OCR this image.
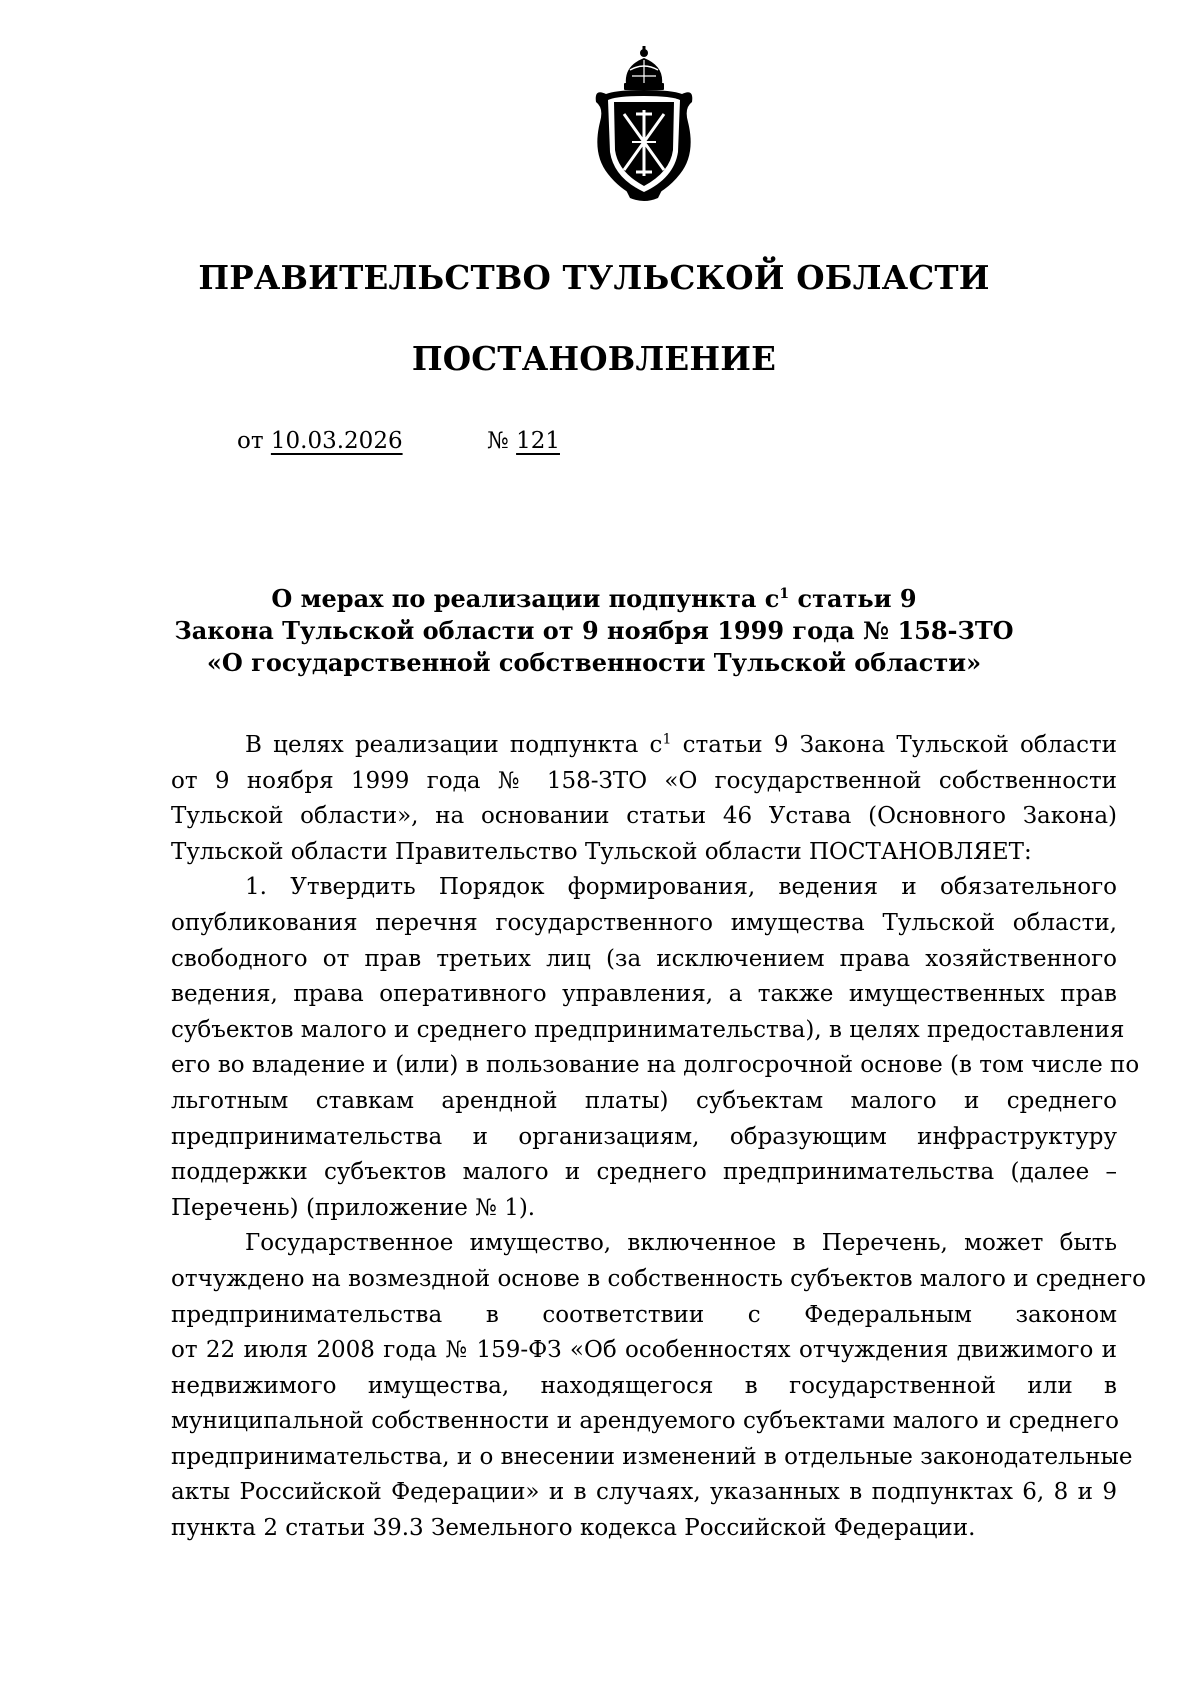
ПРАВИТЕЛЬСТВО ТУЛЬСКОЙ ОБЛАСТИ
ПОСТАНОВЛЕНИЕ
от 10.03.2026	№ 121
О мерах по реализации подпункта $с^1$ статьи 9
Закона Тульской области от 9 ноября 1999 года № 158-ЗТО
«О государственной собственности Тульской области»
В целях реализации подпункта $с^1$ статьи 9 Закона Тульской области
от 9 ноября 1999 года № 158-ЗТО «О государственной собственности
Тульской области», на основании статьи 46 Устава (Основного Закона)
Тульской области Правительство Тульской области ПОСТАНОВЛЯЕТ:
1. Утвердить Порядок формирования, ведения и обязательного
опубликования перечня государственного имущества Тульской области,
свободного от прав третьих лиц (за исключением права хозяйственного
ведения, права оперативного управления, а также имущественных прав
субъектов малого и среднего предпринимательства), в целях предоставления
его во владение и (или) в пользование на долгосрочной основе (в том числе по
льготным ставкам арендной платы) субъектам малого и среднего
предпринимательства и организациям, образующим инфраструктуру
поддержки субъектов малого и среднего предпринимательства (далее –
Перечень) (приложение № 1).
Государственное имущество, включенное в Перечень, может быть
отчуждено на возмездной основе в собственность субъектов малого и среднего
предпринимательства в соответствии с Федеральным законом
от 22 июля 2008 года № 159-ФЗ «Об особенностях отчуждения движимого и
недвижимого имущества, находящегося в государственной или в
муниципальной собственности и арендуемого субъектами малого и среднего
предпринимательства, и о внесении изменений в отдельные законодательные
акты Российской Федерации» и в случаях, указанных в подпунктах 6, 8 и 9
пункта 2 статьи 39.3 Земельного кодекса Российской Федерации.
